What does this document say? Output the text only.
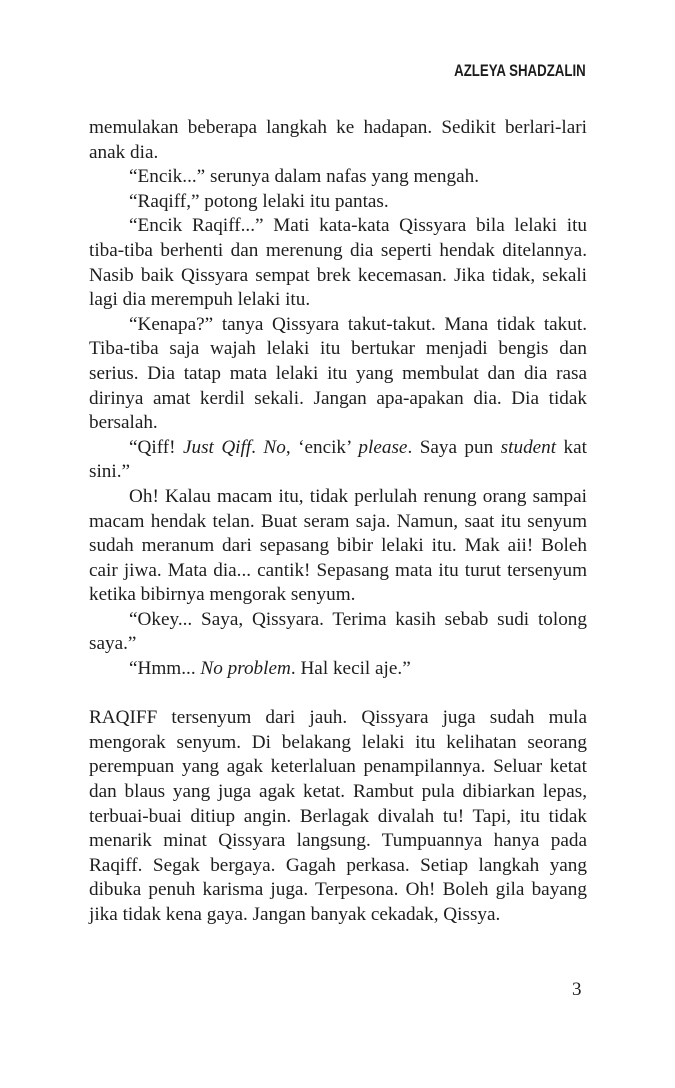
AZLEYA SHADZALIN

memulakan beberapa langkah ke hadapan. Sedikit berlari-lari anak dia.

“Encik...” serunya dalam nafas yang mengah.

“Raqiff,” potong lelaki itu pantas.

“Encik Raqiff...” Mati kata-kata Qissyara bila lelaki itu tiba-tiba berhenti dan merenung dia seperti hendak ditelannya. Nasib baik Qissyara sempat brek kecemasan. Jika tidak, sekali lagi dia merempuh lelaki itu.

“Kenapa?” tanya Qissyara takut-takut. Mana tidak takut. Tiba-tiba saja wajah lelaki itu bertukar menjadi bengis dan serius. Dia tatap mata lelaki itu yang membulat dan dia rasa dirinya amat kerdil sekali. Jangan apa-apakan dia. Dia tidak bersalah.

“Qiff! Just Qiff. No, ‘encik’ please. Saya pun student kat sini.”

Oh! Kalau macam itu, tidak perlulah renung orang sampai macam hendak telan. Buat seram saja. Namun, saat itu senyum sudah meranum dari sepasang bibir lelaki itu. Mak aii! Boleh cair jiwa. Mata dia... cantik! Sepasang mata itu turut tersenyum ketika bibirnya mengorak senyum.

“Okey... Saya, Qissyara. Terima kasih sebab sudi tolong saya.”

“Hmm... No problem. Hal kecil aje.”

RAQIFF tersenyum dari jauh. Qissyara juga sudah mula mengorak senyum. Di belakang lelaki itu kelihatan seorang perempuan yang agak keterlaluan penampilannya. Seluar ketat dan blaus yang juga agak ketat. Rambut pula dibiarkan lepas, terbuai-buai ditiup angin. Berlagak divalah tu! Tapi, itu tidak menarik minat Qissyara langsung. Tumpuannya hanya pada Raqiff. Segak bergaya. Gagah perkasa. Setiap langkah yang dibuka penuh karisma juga. Terpesona. Oh! Boleh gila bayang jika tidak kena gaya. Jangan banyak cekadak, Qissya.

3
